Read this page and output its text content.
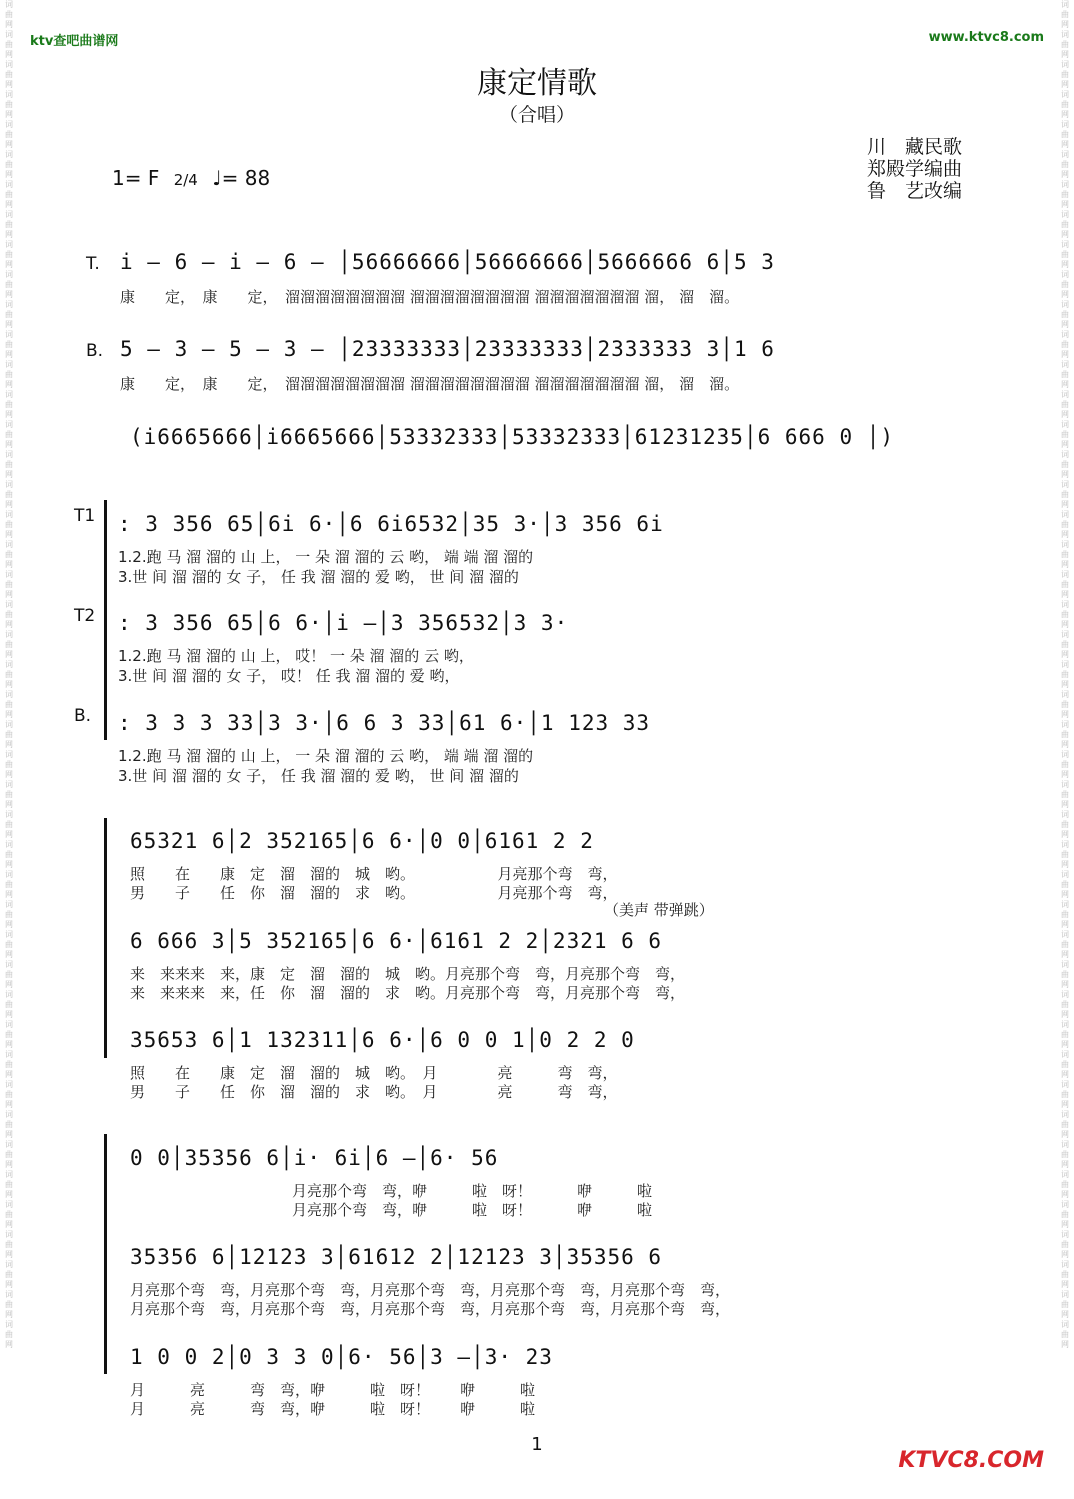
词曲网词曲网词曲网词曲网词曲网词曲网词曲网词曲网词曲网词曲网词曲网词曲网词曲网词曲网词曲网词曲网词曲网词曲网词曲网词曲网词曲网词曲网词曲网词曲网词曲网词曲网词曲网词曲网词曲网词曲网词曲网词曲网词曲网词曲网词曲网词曲网词曲网词曲网词曲网词曲网词曲网词曲网词曲网词曲网词曲网
词曲网词曲网词曲网词曲网词曲网词曲网词曲网词曲网词曲网词曲网词曲网词曲网词曲网词曲网词曲网词曲网词曲网词曲网词曲网词曲网词曲网词曲网词曲网词曲网词曲网词曲网词曲网词曲网词曲网词曲网词曲网词曲网词曲网词曲网词曲网词曲网词曲网词曲网词曲网词曲网词曲网词曲网词曲网词曲网词曲网
ktv查吧曲谱网	www.ktvc8.com
康定情歌
（合唱）
川　藏民歌
郑殿学编曲
鲁　艺改编
1= F 2/4 ♩= 88
T. i – 6 – i – 6 – │56666666│56666666│5666666 6│5 3
康　　定，　康　　定，　溜溜溜溜溜溜溜溜 溜溜溜溜溜溜溜溜 溜溜溜溜溜溜溜 溜， 溜　溜。
B. 5 – 3 – 5 – 3 – │23333333│23333333│2333333 3│1 6
康　　定，　康　　定，　溜溜溜溜溜溜溜溜 溜溜溜溜溜溜溜溜 溜溜溜溜溜溜溜 溜， 溜　溜。
(i6665666│i6665666│53332333│53332333│61231235│6 666 0 │)
T1 : 3 356 65│6i 6·│6 6i6532│35 3·│3 356 6i
1.2.跑 马 溜 溜的 山 上， 一 朵 溜 溜的 云 哟， 端 端 溜 溜的
3.世 间 溜 溜的 女 子， 任 我 溜 溜的 爱 哟， 世 间 溜 溜的
T2 : 3 356 65│6 6·│i –│3 356532│3 3·
1.2.跑 马 溜 溜的 山 上， 哎！ 一 朵 溜 溜的 云 哟，
3.世 间 溜 溜的 女 子， 哎！ 任 我 溜 溜的 爱 哟，
B. : 3 3 3 33│3 3·│6 6 3 33│61 6·│1 123 33
1.2.跑 马 溜 溜的 山 上， 一 朵 溜 溜的 云 哟， 端 端 溜 溜的
3.世 间 溜 溜的 女 子， 任 我 溜 溜的 爱 哟， 世 间 溜 溜的
65321 6│2 352165│6 6·│0 0│6161 2 2
照　　在　　康　定　溜　溜的　城　哟。　　　　　　月亮那个弯　弯，
男　　子　　任　你　溜　溜的　求　哟。　　　　　　月亮那个弯　弯，
（美声 带弹跳）
6 666 3│5 352165│6 6·│6161 2 2│2321 6 6
来　来来来　来，康　定　溜　溜的　城　哟。月亮那个弯　弯，月亮那个弯　弯，
来　来来来　来，任　你　溜　溜的　求　哟。月亮那个弯　弯，月亮那个弯　弯，
35653 6│1 132311│6 6·│6 0 0 1│0 2 2 0
照　　在　　康　定　溜　溜的　城　哟。　月　　　　亮　　　弯　弯，
男　　子　　任　你　溜　溜的　求　哟。　月　　　　亮　　　弯　弯，
0 0│35356 6│i· 6i│6 –│6· 56
月亮那个弯　弯，咿　　　啦　呀！　　　咿　　　啦
月亮那个弯　弯，咿　　　啦　呀！　　　咿　　　啦
35356 6│12123 3│61612 2│12123 3│35356 6
月亮那个弯　弯，月亮那个弯　弯，月亮那个弯　弯，月亮那个弯　弯，月亮那个弯　弯，
月亮那个弯　弯，月亮那个弯　弯，月亮那个弯　弯，月亮那个弯　弯，月亮那个弯　弯，
1 0 0 2│0 3 3 0│6· 56│3 –│3· 23
月　　　亮　　　弯　弯，咿　　　啦　呀！　　咿　　　啦
月　　　亮　　　弯　弯，咿　　　啦　呀！　　咿　　　啦
1
KTVC8.COM
